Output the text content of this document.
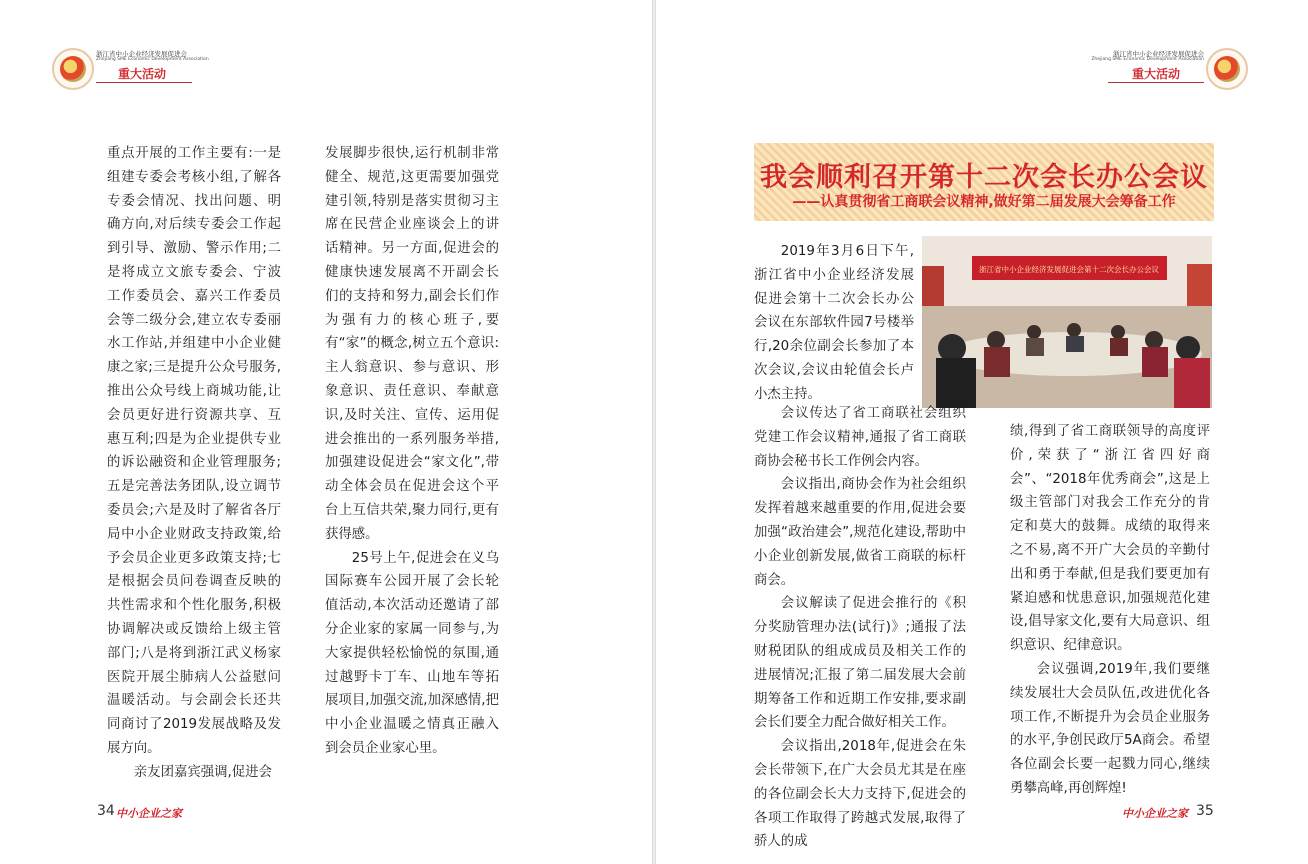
浙江省中小企业经济发展促进会
Zhejiang SME Economic Development Association
重大活动

重点开展的工作主要有:一是组建专委会考核小组,了解各专委会情况、找出问题、明确方向,对后续专委会工作起到引导、激励、警示作用;二是将成立文旅专委会、宁波工作委员会、嘉兴工作委员会等二级分会,建立农专委丽水工作站,并组建中小企业健康之家;三是提升公众号服务,推出公众号线上商城功能,让会员更好进行资源共享、互惠互利;四是为企业提供专业的诉讼融资和企业管理服务;五是完善法务团队,设立调节委员会;六是及时了解省各厅局中小企业财政支持政策,给予会员企业更多政策支持;七是根据会员问卷调查反映的共性需求和个性化服务,积极协调解决或反馈给上级主管部门;八是将到浙江武义杨家医院开展尘肺病人公益慰问温暖活动。与会副会长还共同商讨了2019发展战略及发展方向。

亲友团嘉宾强调,促进会

发展脚步很快,运行机制非常健全、规范,这更需要加强党建引领,特别是落实贯彻习主席在民营企业座谈会上的讲话精神。另一方面,促进会的健康快速发展离不开副会长们的支持和努力,副会长们作为强有力的核心班子,要有“家”的概念,树立五个意识:主人翁意识、参与意识、形象意识、责任意识、奉献意识,及时关注、宣传、运用促进会推出的一系列服务举措,加强建设促进会“家文化”,带动全体会员在促进会这个平台上互信共荣,聚力同行,更有获得感。

25号上午,促进会在义乌国际赛车公园开展了会长轮值活动,本次活动还邀请了部分企业家的家属一同参与,为大家提供轻松愉悦的氛围,通过越野卡丁车、山地车等拓展项目,加强交流,加深感情,把中小企业温暖之情真正融入到会员企业家心里。

34 中小企业之家
浙江省中小企业经济发展促进会
Zhejiang SME Economic Development Association
重大活动
我会顺利召开第十二次会长办公会议
——认真贯彻省工商联会议精神,做好第二届发展大会筹备工作
浙江省中小企业经济发展促进会第十二次会长办公会议

2019年3月6日下午,浙江省中小企业经济发展促进会第十二次会长办公会议在东部软件园7号楼举行,20余位副会长参加了本次会议,会议由轮值会长卢小杰主持。

会议传达了省工商联社会组织党建工作会议精神,通报了省工商联商协会秘书长工作例会内容。

会议指出,商协会作为社会组织发挥着越来越重要的作用,促进会要加强“政治建会”,规范化建设,帮助中小企业创新发展,做省工商联的标杆商会。

会议解读了促进会推行的《积分奖励管理办法(试行)》;通报了法财税团队的组成成员及相关工作的进展情况;汇报了第二届发展大会前期筹备工作和近期工作安排,要求副会长们要全力配合做好相关工作。

会议指出,2018年,促进会在朱会长带领下,在广大会员尤其是在座的各位副会长大力支持下,促进会的各项工作取得了跨越式发展,取得了骄人的成

绩,得到了省工商联领导的高度评价,荣获了“浙江省四好商会”、“2018年优秀商会”,这是上级主管部门对我会工作充分的肯定和莫大的鼓舞。成绩的取得来之不易,离不开广大会员的辛勤付出和勇于奉献,但是我们要更加有紧迫感和忧患意识,加强规范化建设,倡导家文化,要有大局意识、组织意识、纪律意识。

会议强调,2019年,我们要继续发展壮大会员队伍,改进优化各项工作,不断提升为会员企业服务的水平,争创民政厅5A商会。希望各位副会长要一起戮力同心,继续勇攀高峰,再创辉煌!

中小企业之家 35
